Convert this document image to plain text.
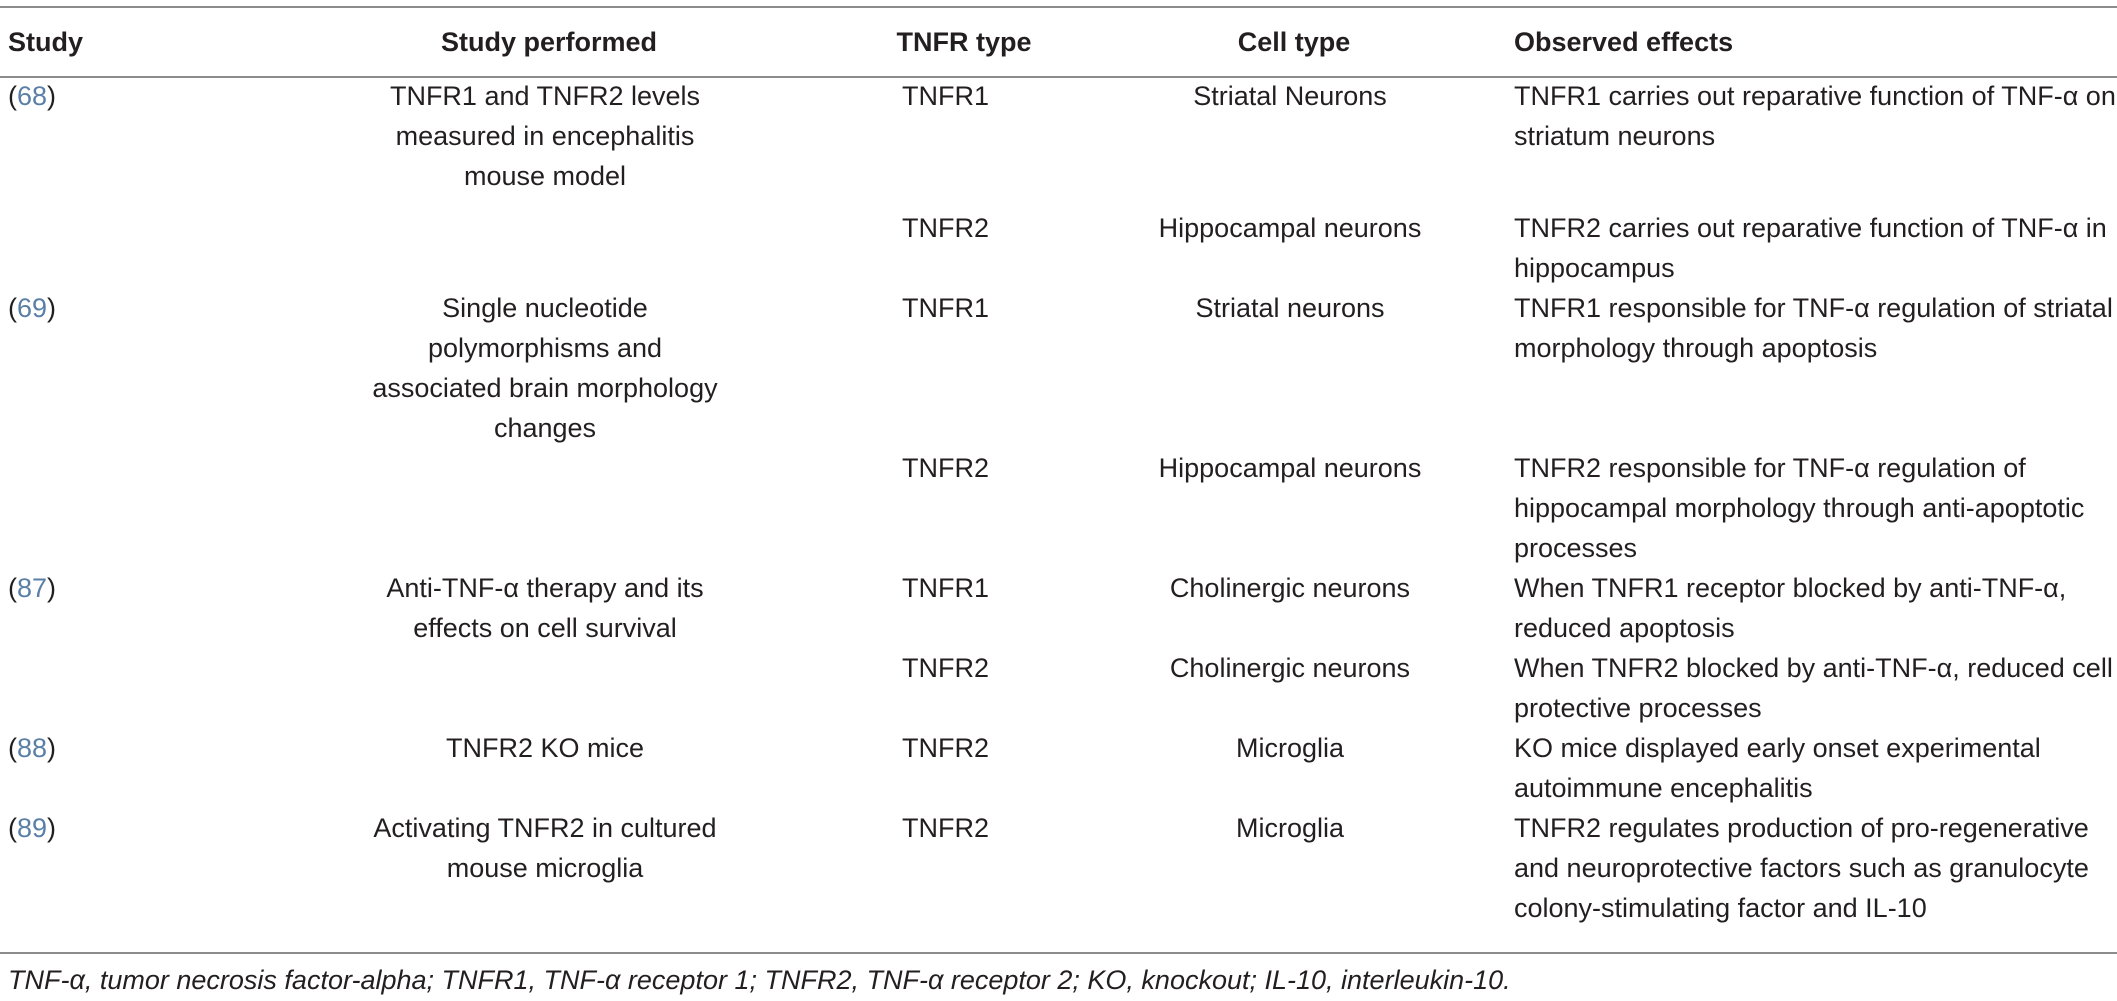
Study	Study performed	TNFR type	Cell type	Observed effects
(68)	TNFR1 and TNFR2 levels measured in encephalitis mouse model	TNFR1	Striatal Neurons	TNFR1 carries out reparative function of TNF-α on striatum neurons
		TNFR2	Hippocampal neurons	TNFR2 carries out reparative function of TNF-α in hippocampus
(69)	Single nucleotide polymorphisms and associated brain morphology changes	TNFR1	Striatal neurons	TNFR1 responsible for TNF-α regulation of striatal morphology through apoptosis
		TNFR2	Hippocampal neurons	TNFR2 responsible for TNF-α regulation of hippocampal morphology through anti-apoptotic processes
(87)	Anti-TNF-α therapy and its effects on cell survival	TNFR1	Cholinergic neurons	When TNFR1 receptor blocked by anti-TNF-α, reduced apoptosis
		TNFR2	Cholinergic neurons	When TNFR2 blocked by anti-TNF-α, reduced cell protective processes
(88)	TNFR2 KO mice	TNFR2	Microglia	KO mice displayed early onset experimental autoimmune encephalitis
(89)	Activating TNFR2 in cultured mouse microglia	TNFR2	Microglia	TNFR2 regulates production of pro-regenerative and neuroprotective factors such as granulocyte colony-stimulating factor and IL-10
TNF-α, tumor necrosis factor-alpha; TNFR1, TNF-α receptor 1; TNFR2, TNF-α receptor 2; KO, knockout; IL-10, interleukin-10.
